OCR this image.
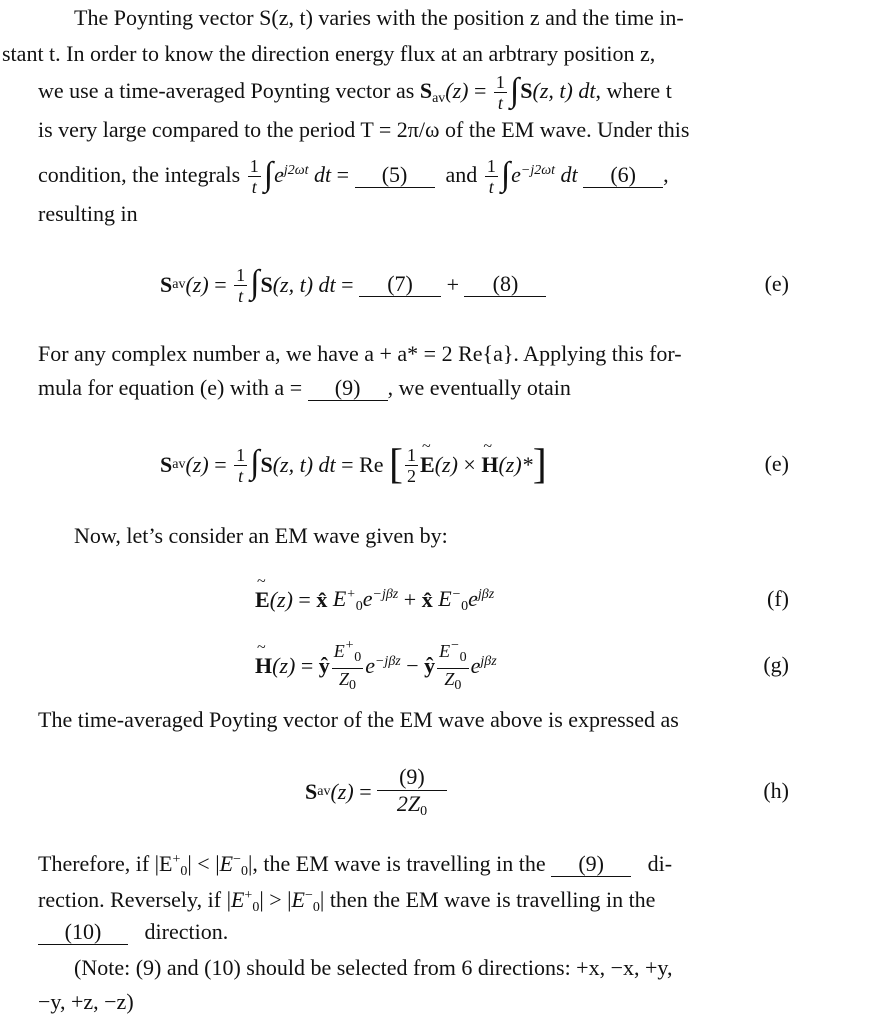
The Poynting vector S(z, t) varies with the position z and the time in-
stant t. In order to know the direction energy flux at an arbtrary position z,
we use a time-averaged Poynting vector as $S_{av}(z) = \frac{1}{t} \int S(z$, t) dt, where t
is very large compared to the period T = 2π/ω of the EM wave. Under this
condition, the integrals $\frac{1}{t} \int e^{j2\omega t}$ dt = (5) and $\frac{1}{t} \int e^{-j2\omega t}$ dt (6) ,
resulting in
S av $(z) = \frac{1}{t}$ ∫ S (z, t) dt =	(7)	+	(8)	(e)
For any complex number a, we have a + a* = 2 Re{a}. Applying this for-
mula for equation (e) with a = (9) , we eventually otain
S av $(z) = \frac{1}{t}$ ∫ S (z, t) dt = Re
[ $\frac{1}{2}$ ~ E (z) × ~ H (z)* ]	(e)
Now, let’s consider an EM wave given by:
~ E (z) = x̂
$E^+_0e^{-j\beta z}$ + x̂
$E^-_0e^{j\beta z}$	(f)
~ H (z) = ŷ $\frac{E^+_0}{Z_0} e^{-j\beta z}$ − ŷ $\frac{E^-_0}{Z_0} e^{j\beta z}$	(g)
The time-averaged Poyting vector of the EM wave above is expressed as
S av (z) =
(9)
$2Z_0$
(h)
Therefore, if $|E^+_0| < |E^-_0|$, the EM wave is travelling in the (9) di-
rection. Reversely, if $|E^+_0| > |E^-_0|$ then the EM wave is travelling in the
(10) direction.
(Note: (9) and (10) should be selected from 6 directions: +x, −x, +y,
−y, +z, −z)
